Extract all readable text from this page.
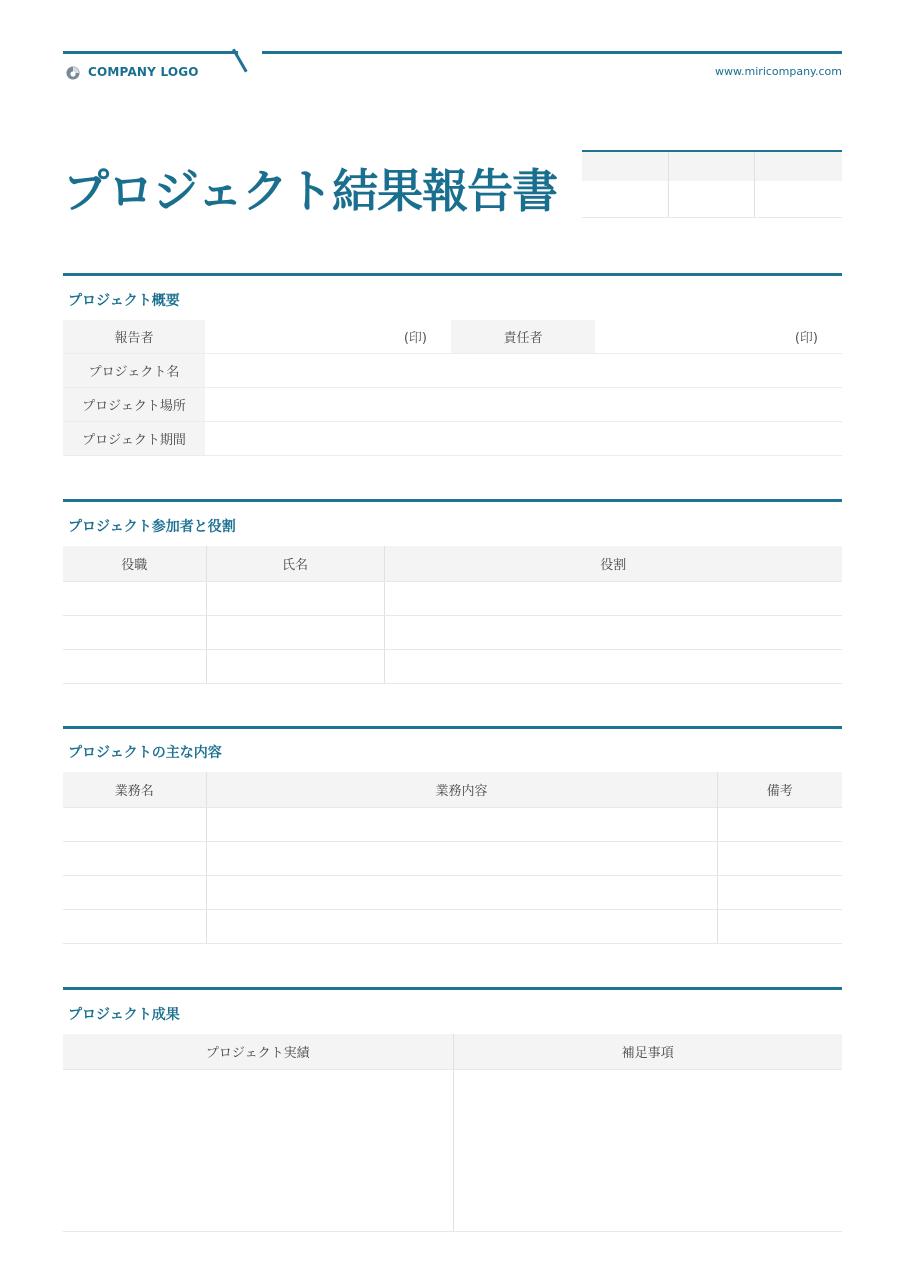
COMPANY LOGO	www.miricompany.com
プロジェクト結果報告書
プロジェクト概要
報告者	(印)	責任者	(印)
プロジェクト名			
プロジェクト場所			
プロジェクト期間			
プロジェクト参加者と役割
役職	氏名	役割

プロジェクトの主な内容
業務名	業務内容	備考

プロジェクト成果
プロジェクト実績	補足事項
